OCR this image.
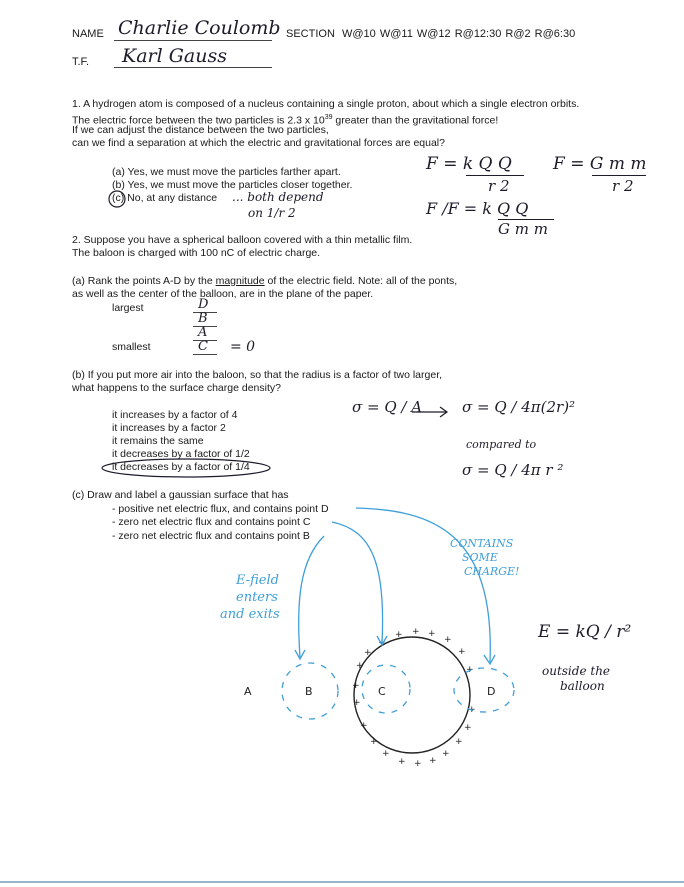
NAME Charlie Coulomb SECTION W@10 W@11 W@12 R@12:30 R@2 R@6:30
T.F. Karl Gauss
1. A hydrogen atom is composed of a nucleus containing a single proton, about which a single electron orbits.
The electric force between the two particles is 2.3 x $10^{39}$ greater than the gravitational force!
If we can adjust the distance between the two particles,
can we find a separation at which the electric and gravitational forces are equal?
(a) Yes, we must move the particles farther apart.
(b) Yes, we must move the particles closer together.
(c) No, at any distance ... both depend
on 1/r 2
F = k Q Q
r 2
F = G m m
r 2
F /F = k Q Q
G m m
2. Suppose you have a spherical balloon covered with a thin metallic film.
The baloon is charged with 100 nC of electric charge.
(a) Rank the points A-D by the magnitude of the electric field. Note: all of the ponts,
as well as the center of the balloon, are in the plane of the paper.
largest
smallest
D
B
A
C = 0
(b) If you put more air into the baloon, so that the radius is a factor of two larger,
what happens to the surface charge density?
it increases by a factor of 4
it increases by a factor 2
it remains the same
it decreases by a factor of 1/2
it decreases by a factor of 1/4
σ = Q / A	σ = Q / 4π(2r)²
compared to
σ = Q / 4π r ²
(c) Draw and label a gaussian surface that has
- positive net electric flux, and contains point D
- zero net electric flux and contains point C
- zero net electric flux and contains point B
E-field
enters
and exits
CONTAINS
SOME
CHARGE!
E = kQ / r²
outside the
balloon
+ + +
+
+
+
+
+
+
+
+
+
+
+
+
+
+
+
+
+
+
A	B	C	D
